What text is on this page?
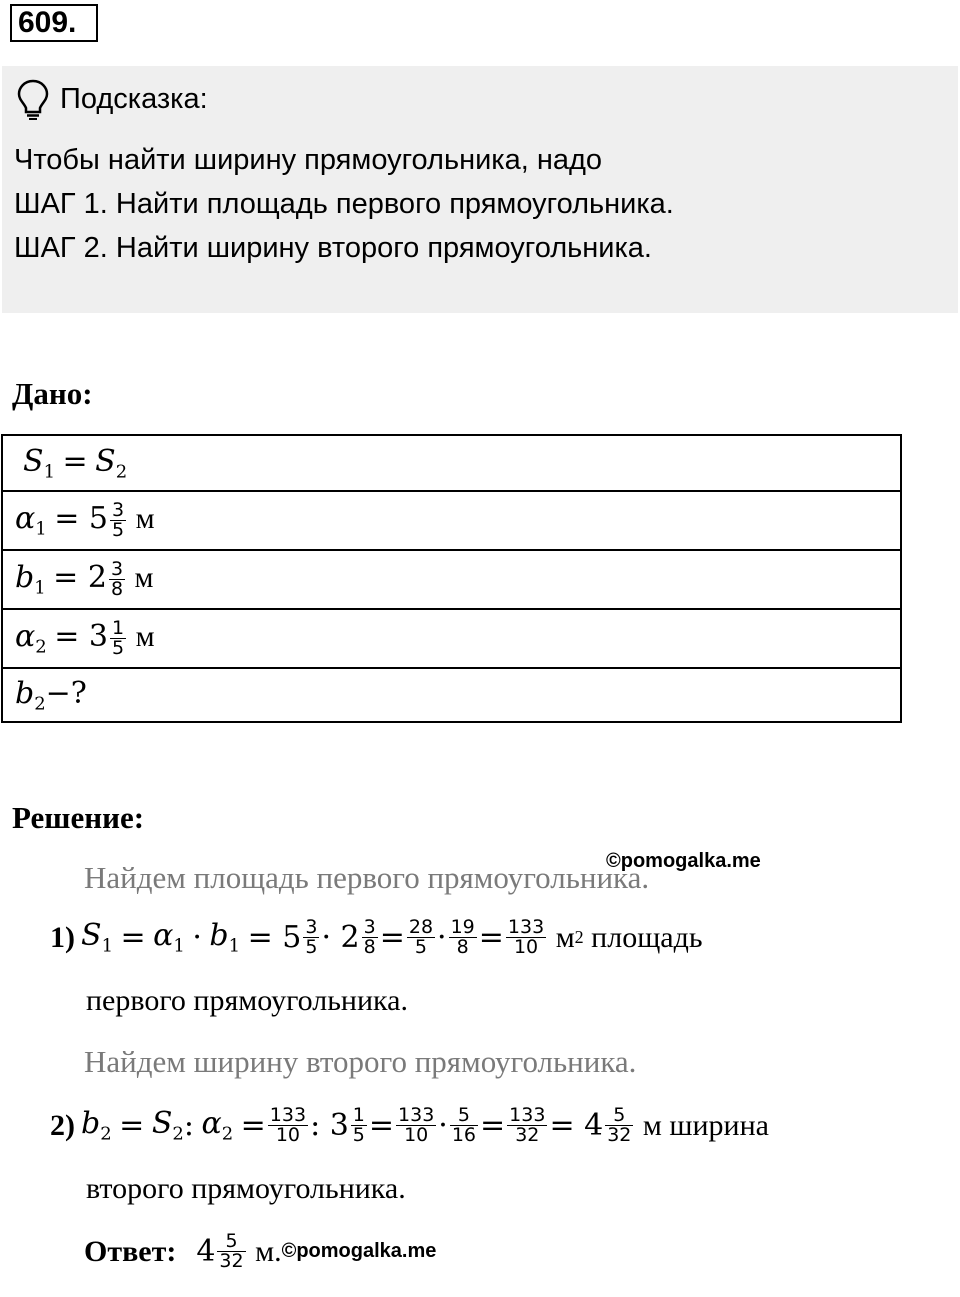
609.
Подсказка:
Чтобы найти ширину прямоугольника, надо
ШАГ 1. Найти площадь первого прямоугольника.
ШАГ 2. Найти ширину второго прямоугольника.
Дано:
$S_1 = S_2$
$\alpha_1 = 5 \frac{3}{5}$ м
$b_1 = 2 \frac{3}{8}$ м
$\alpha_2 = 3 \frac{1}{5}$ м
$b_2-$?
Решение:
©pomogalka.me
Найдем площадь первого прямоугольника.
1) $S_1$
=
$\alpha_1$
·
$b_1$
= $5 \frac{3}{5} \cdot 2 \frac{3}{8} = \frac{28}{5} \cdot \frac{19}{8} = \frac{133}{10}$ м 2
площадь
первого прямоугольника.
Найдем ширину второго прямоугольника.
2) $b_2$
=
$S_2$ :
$\alpha_2$
= $\frac{133}{10}$ : $3 \frac{1}{5} = \frac{133}{10} \cdot \frac{5}{16} = \frac{133}{32} = 4 \frac{5}{32}$
м ширина
второго прямоугольника.
Ответ: $4 \frac{5}{32}$
м. ©pomogalka.me
